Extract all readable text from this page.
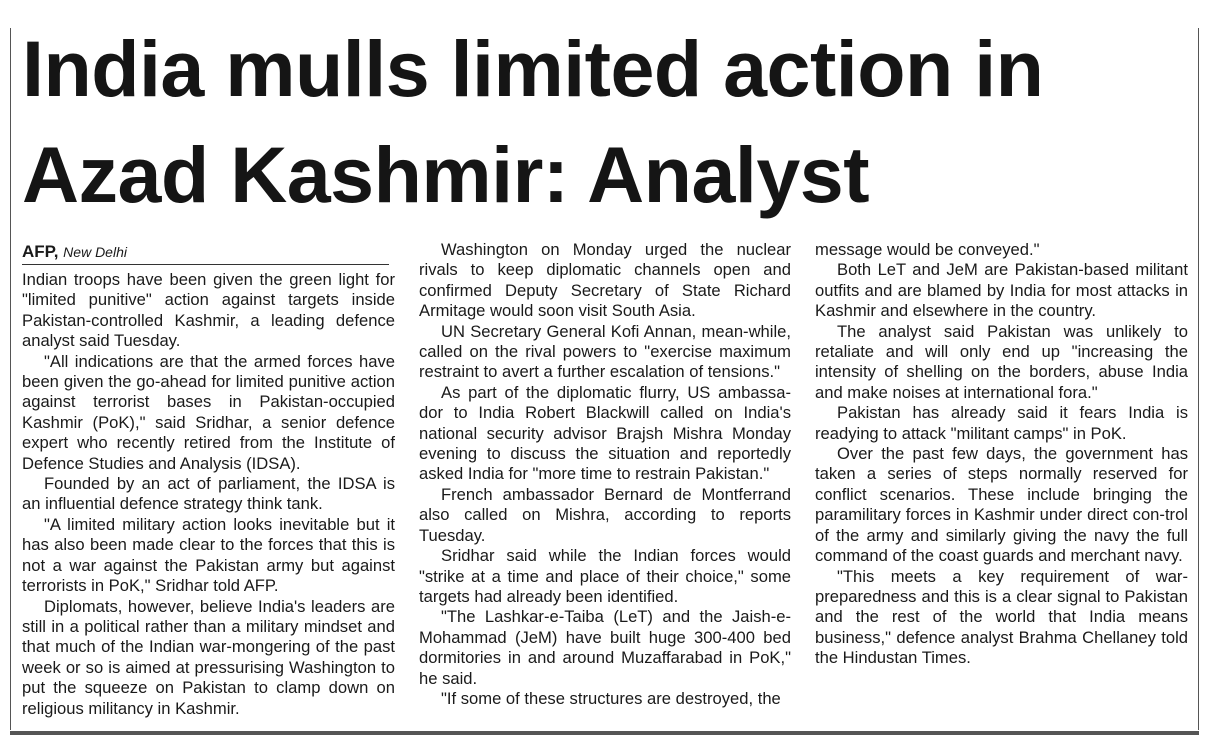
India mulls limited action in
Azad Kashmir: Analyst
AFP, New Delhi

Indian troops have been given the green light for "limited punitive" action against targets inside Pakistan-controlled Kashmir, a leading defence analyst said Tuesday.

"All indications are that the armed forces have been given the go-ahead for limited punitive action against terrorist bases in Pakistan-occupied Kashmir (PoK)," said Sridhar, a senior defence expert who recently retired from the Institute of Defence Studies and Analysis (IDSA).

Founded by an act of parliament, the IDSA is an influential defence strategy think tank.

"A limited military action looks inevitable but it has also been made clear to the forces that this is not a war against the Pakistan army but against terrorists in PoK," Sridhar told AFP.

Diplomats, however, believe India's leaders are still in a political rather than a military mindset and that much of the Indian war-mongering of the past week or so is aimed at pressurising Washington to put the squeeze on Pakistan to clamp down on religious militancy in Kashmir.

Washington on Monday urged the nuclear rivals to keep diplomatic channels open and confirmed Deputy Secretary of State Richard Armitage would soon visit South Asia.

UN Secretary General Kofi Annan, mean-while, called on the rival powers to "exercise maximum restraint to avert a further escalation of tensions."

As part of the diplomatic flurry, US ambassa-dor to India Robert Blackwill called on India's national security advisor Brajsh Mishra Monday evening to discuss the situation and reportedly asked India for "more time to restrain Pakistan."

French ambassador Bernard de Montferrand also called on Mishra, according to reports Tuesday.

Sridhar said while the Indian forces would "strike at a time and place of their choice," some targets had already been identified.

"The Lashkar-e-Taiba (LeT) and the Jaish-e-Mohammad (JeM) have built huge 300-400 bed dormitories in and around Muzaffarabad in PoK," he said.

"If some of these structures are destroyed, the

message would be conveyed."

Both LeT and JeM are Pakistan-based militant outfits and are blamed by India for most attacks in Kashmir and elsewhere in the country.

The analyst said Pakistan was unlikely to retaliate and will only end up "increasing the intensity of shelling on the borders, abuse India and make noises at international fora."

Pakistan has already said it fears India is readying to attack "militant camps" in PoK.

Over the past few days, the government has taken a series of steps normally reserved for conflict scenarios. These include bringing the paramilitary forces in Kashmir under direct con-trol of the army and similarly giving the navy the full command of the coast guards and merchant navy.

"This meets a key requirement of war-preparedness and this is a clear signal to Pakistan and the rest of the world that India means business," defence analyst Brahma Chellaney told the Hindustan Times.
